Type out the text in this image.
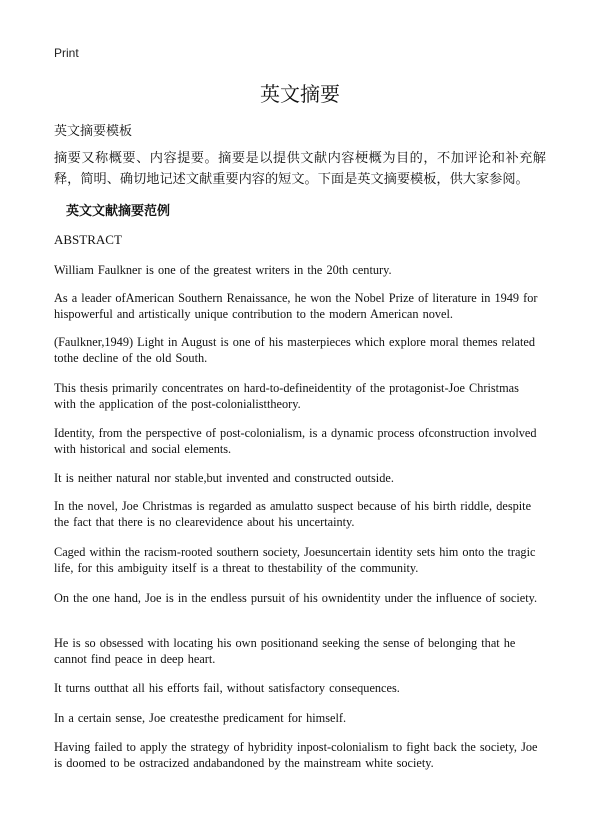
Print
英文摘要
英文摘要模板
摘要又称概要、内容提要。摘要是以提供文献内容梗概为目的，不加评论和补充解释，简明、确切地记述文献重要内容的短文。下面是英文摘要模板，供大家参阅。
英文文献摘要范例
ABSTRACT
William Faulkner is one of the greatest writers in the 20th century.
As a leader ofAmerican Southern Renaissance, he won the Nobel Prize of literature in 1949 for hispowerful and artistically unique contribution to the modern American novel.
(Faulkner,1949) Light in August is one of his masterpieces which explore moral themes related tothe decline of the old South.
This thesis primarily concentrates on hard-to-defineidentity of the protagonist-Joe Christmas with the application of the post-colonialisttheory.
Identity, from the perspective of post-colonialism, is a dynamic process ofconstruction involved with historical and social elements.
It is neither natural nor stable,but invented and constructed outside.
In the novel, Joe Christmas is regarded as amulatto suspect because of his birth riddle, despite the fact that there is no clearevidence about his uncertainty.
Caged within the racism-rooted southern society, Joesuncertain identity sets him onto the tragic life, for this ambiguity itself is a threat to thestability of the community.
On the one hand, Joe is in the endless pursuit of his ownidentity under the influence of society.
He is so obsessed with locating his own positionand seeking the sense of belonging that he cannot find peace in deep heart.
It turns outthat all his efforts fail, without satisfactory consequences.
In a certain sense, Joe createsthe predicament for himself.
Having failed to apply the strategy of hybridity inpost-colonialism to fight back the society, Joe is doomed to be ostracized andabandoned by the mainstream white society.
